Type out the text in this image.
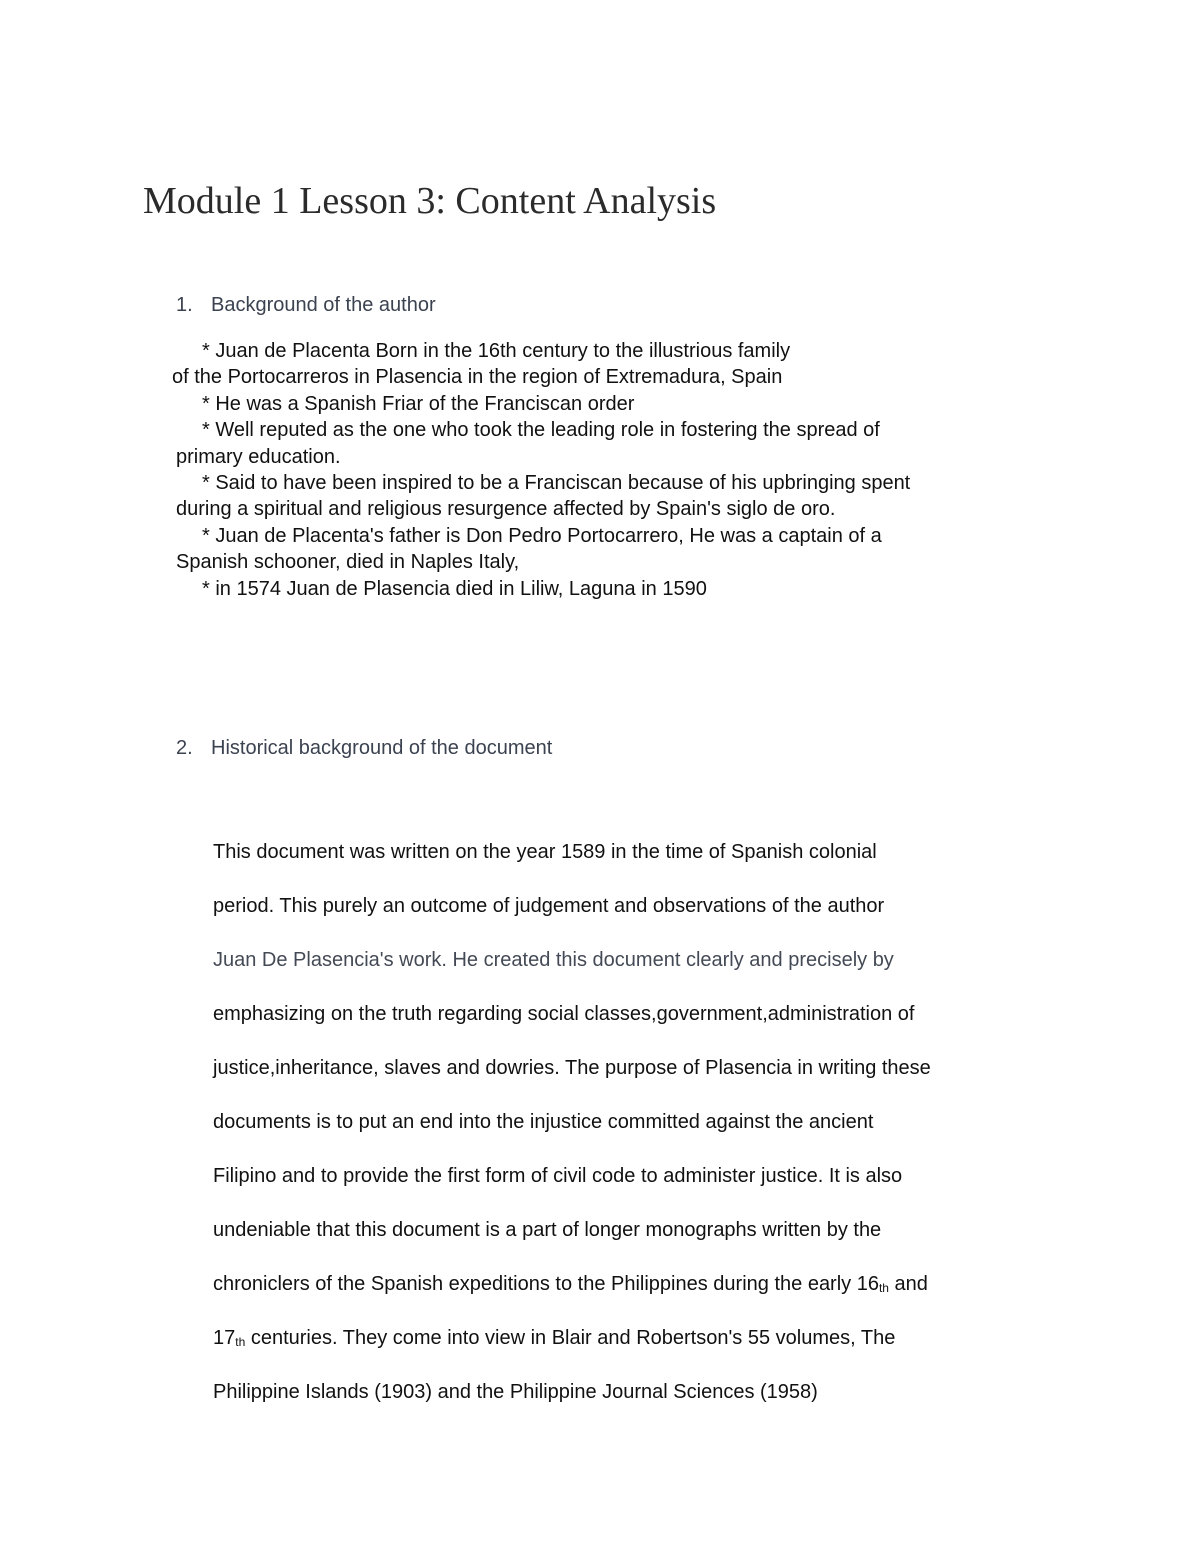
Module 1 Lesson 3: Content Analysis
1. Background of the author

* Juan de Placenta Born in the 16th century to the illustrious family
of the Portocarreros in Plasencia in the region of Extremadura, Spain

* He was a Spanish Friar of the Franciscan order

* Well reputed as the one who took the leading role in fostering the spread of
primary education.

* Said to have been inspired to be a Franciscan because of his upbringing spent
during a spiritual and religious resurgence affected by Spain's siglo de oro.

* Juan de Placenta's father is Don Pedro Portocarrero, He was a captain of a
Spanish schooner, died in Naples Italy,

* in 1574 Juan de Plasencia died in Liliw, Laguna in 1590

2. Historical background of the document
This document was written on the year 1589 in the time of Spanish colonial
period. This purely an outcome of judgement and observations of the author
Juan De Plasencia's work. He created this document clearly and precisely by
emphasizing on the truth regarding social classes,government,administration of
justice,inheritance, slaves and dowries. The purpose of Plasencia in writing these
documents is to put an end into the injustice committed against the ancient
Filipino and to provide the first form of civil code to administer justice. It is also
undeniable that this document is a part of longer monographs written by the
chroniclers of the Spanish expeditions to the Philippines during the early $16_{th}$ and
$17_{th}$ centuries. They come into view in Blair and Robertson's 55 volumes, The
Philippine Islands (1903) and the Philippine Journal Sciences (1958)
